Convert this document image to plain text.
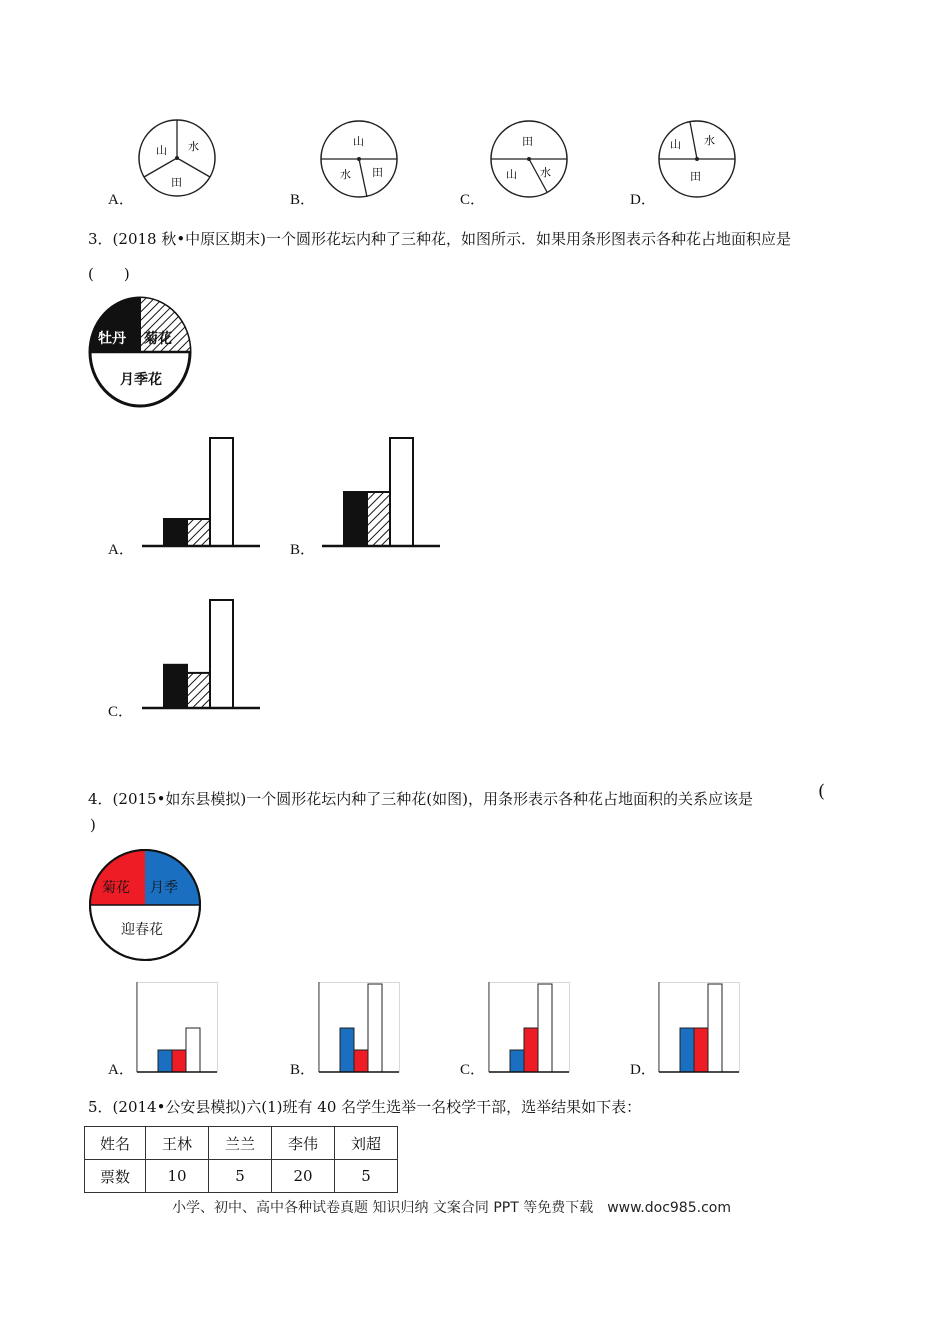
A．
山 水
田
B．
山
水 田
C．
田
山 水
D．
山 水
田
3．(2018 秋•中原区期末)一个圆形花坛内种了三种花，如图所示．如果用条形图表示各种花占地面积应是
(　　)
牡丹 菊花
月季花
A．	B．
C．
4．(2015•如东县模拟)一个圆形花坛内种了三种花(如图)，用条形表示各种花占地面积的关系应该是	(
)
菊花 月季
迎春花
A．	B．	C．	D．
5．(2014•公安县模拟)六(1)班有 40 名学生选举一名校学干部，选举结果如下表：
姓名	王林	兰兰	李伟	刘超
票数	10	5	20	5
小学、初中、高中各种试卷真题 知识归纳 文案合同 PPT 等免费下载　www.doc985.com
